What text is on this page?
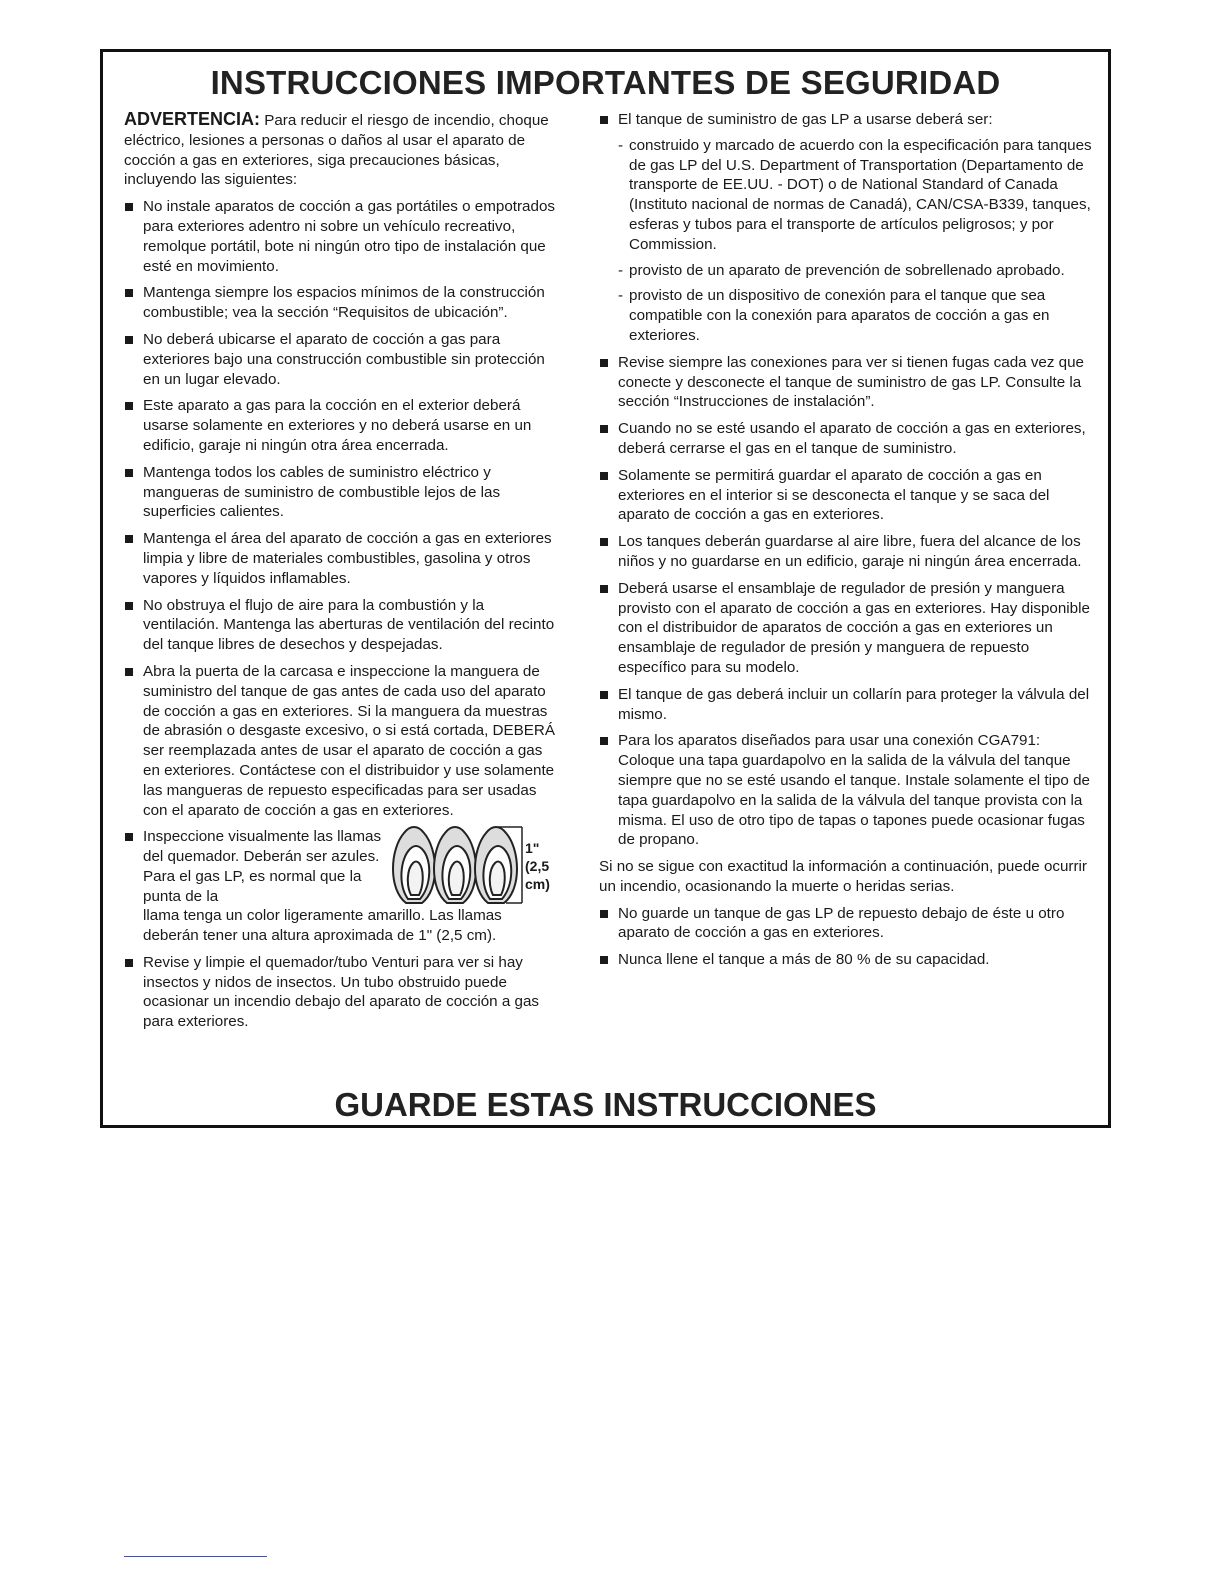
INSTRUCCIONES IMPORTANTES DE SEGURIDAD

ADVERTENCIA: Para reducir el riesgo de incendio, choque eléctrico, lesiones a personas o daños al usar el aparato de cocción a gas en exteriores, siga precauciones básicas, incluyendo las siguientes:

No instale aparatos de cocción a gas portátiles o empotrados para exteriores adentro ni sobre un vehículo recreativo, remolque portátil, bote ni ningún otro tipo de instalación que esté en movimiento.
Mantenga siempre los espacios mínimos de la construcción combustible; vea la sección “Requisitos de ubicación”.
No deberá ubicarse el aparato de cocción a gas para exteriores bajo una construcción combustible sin protección en un lugar elevado.
Este aparato a gas para la cocción en el exterior deberá usarse solamente en exteriores y no deberá usarse en un edificio, garaje ni ningún otra área encerrada.
Mantenga todos los cables de suministro eléctrico y mangueras de suministro de combustible lejos de las superficies calientes.
Mantenga el área del aparato de cocción a gas en exteriores limpia y libre de materiales combustibles, gasolina y otros vapores y líquidos inflamables.
No obstruya el flujo de aire para la combustión y la ventilación. Mantenga las aberturas de ventilación del recinto del tanque libres de desechos y despejadas.
Abra la puerta de la carcasa e inspeccione la manguera de suministro del tanque de gas antes de cada uso del aparato de cocción a gas en exteriores. Si la manguera da muestras de abrasión o desgaste excesivo, o si está cortada, DEBERÁ ser reemplazada antes de usar el aparato de cocción a gas en exteriores. Contáctese con el distribuidor y use solamente las mangueras de repuesto especificadas para ser usadas con el aparato de cocción a gas en exteriores.
Inspeccione visualmente las llamas del quemador. Deberán ser azules. Para el gas LP, es normal que la punta de la
1"
(2,5 cm)
llama tenga un color ligeramente amarillo. Las llamas deberán tener una altura aproximada de 1" (2,5 cm).
Revise y limpie el quemador/tubo Venturi para ver si hay insectos y nidos de insectos. Un tubo obstruido puede ocasionar un incendio debajo del aparato de cocción a gas para exteriores.
El tanque de suministro de gas LP a usarse deberá ser:
- construido y marcado de acuerdo con la especificación para tanques de gas LP del U.S. Department of Transportation (Departamento de transporte de EE.UU. - DOT) o de National Standard of Canada (Instituto nacional de normas de Canadá), CAN/CSA-B339, tanques, esferas y tubos para el transporte de artículos peligrosos; y por Commission.
- provisto de un aparato de prevención de sobrellenado aprobado.
- provisto de un dispositivo de conexión para el tanque que sea compatible con la conexión para aparatos de cocción a gas en exteriores.
Revise siempre las conexiones para ver si tienen fugas cada vez que conecte y desconecte el tanque de suministro de gas LP. Consulte la sección “Instrucciones de instalación”.
Cuando no se esté usando el aparato de cocción a gas en exteriores, deberá cerrarse el gas en el tanque de suministro.
Solamente se permitirá guardar el aparato de cocción a gas en exteriores en el interior si se desconecta el tanque y se saca del aparato de cocción a gas en exteriores.
Los tanques deberán guardarse al aire libre, fuera del alcance de los niños y no guardarse en un edificio, garaje ni ningún área encerrada.
Deberá usarse el ensamblaje de regulador de presión y manguera provisto con el aparato de cocción a gas en exteriores. Hay disponible con el distribuidor de aparatos de cocción a gas en exteriores un ensamblaje de regulador de presión y manguera de repuesto específico para su modelo.
El tanque de gas deberá incluir un collarín para proteger la válvula del mismo.
Para los aparatos diseñados para usar una conexión CGA791: Coloque una tapa guardapolvo en la salida de la válvula del tanque siempre que no se esté usando el tanque. Instale solamente el tipo de tapa guardapolvo en la salida de la válvula del tanque provista con la misma. El uso de otro tipo de tapas o tapones puede ocasionar fugas de propano.

Si no se sigue con exactitud la información a continuación, puede ocurrir un incendio, ocasionando la muerte o heridas serias.

No guarde un tanque de gas LP de repuesto debajo de éste u otro aparato de cocción a gas en exteriores.
Nunca llene el tanque a más de 80 % de su capacidad.
GUARDE ESTAS INSTRUCCIONES
